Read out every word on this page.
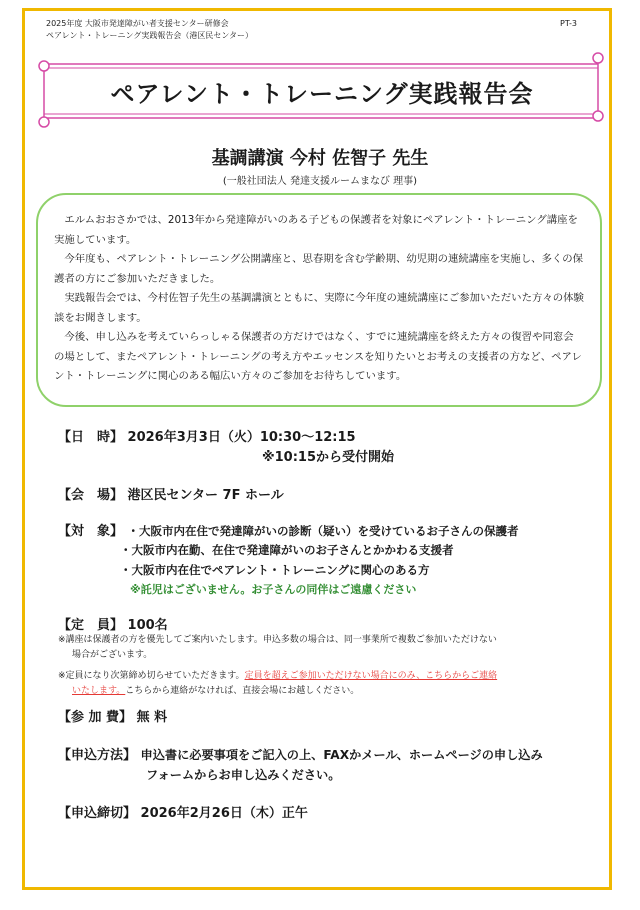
2025年度 大阪市発達障がい者支援センター研修会
ペアレント・トレーニング実践報告会（港区民センター）
PT-3
ペアレント・トレーニング実践報告会
基調講演 今村 佐智子 先生
(一般社団法人 発達支援ルームまなび 理事)

エルムおおさかでは、2013年から発達障がいのある子どもの保護者を対象にペアレント・トレーニング講座を実施しています。

今年度も、ペアレント・トレーニング公開講座と、思春期を含む学齢期、幼児期の連続講座を実施し、多くの保護者の方にご参加いただきました。

実践報告会では、今村佐智子先生の基調講演とともに、実際に今年度の連続講座にご参加いただいた方々の体験談をお聞きします。

今後、申し込みを考えていらっしゃる保護者の方だけではなく、すでに連続講座を終えた方々の復習や同窓会の場として、またペアレント・トレーニングの考え方やエッセンスを知りたいとお考えの支援者の方など、ペアレント・トレーニングに関心のある幅広い方々のご参加をお待ちしています。

【日　時】 2026年3月3日（火）10:30～12:15
※10:15から受付開始
【会　場】 港区民センター 7F ホール
【対　象】 ・大阪市内在住で発達障がいの診断（疑い）を受けているお子さんの保護者
・大阪市内在勤、在住で発達障がいのお子さんとかかわる支援者
・大阪市内在住でペアレント・トレーニングに関心のある方
※託児はございません。お子さんの同伴はご遠慮ください
【定　員】 100名
※講座は保護者の方を優先してご案内いたします。申込多数の場合は、同一事業所で複数ご参加いただけない
場合がございます。
※定員になり次第締め切らせていただきます。定員を超えご参加いただけない場合にのみ、こちらからご連絡
いたします。こちらから連絡がなければ、直接会場にお越しください。
【参 加 費】 無 料
【申込方法】 申込書に必要事項をご記入の上、FAXかメール、ホームページの申し込み
フォームからお申し込みください。
【申込締切】 2026年2月26日（木）正午
